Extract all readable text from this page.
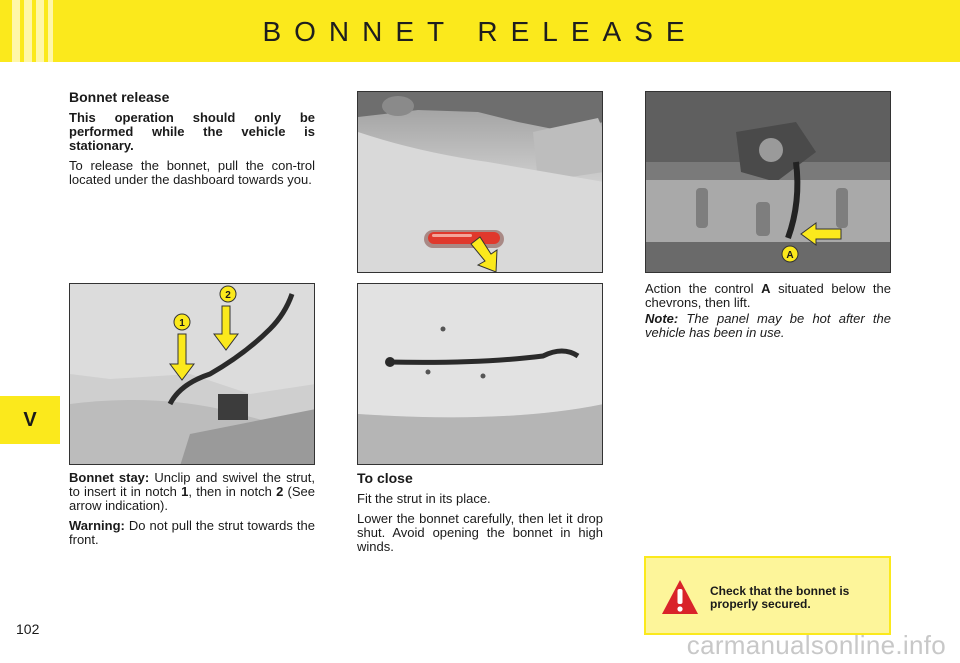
BONNET RELEASE
V

Bonnet release

This operation should only be performed while the vehicle is stationary.

To release the bonnet, pull the con-trol located under the dashboard towards you.

A
1
2

Bonnet stay: Unclip and swivel the strut, to insert it in notch 1, then in notch 2 (See arrow indication).

Warning: Do not pull the strut towards the front.

To close

Fit the strut in its place.

Lower the bonnet carefully, then let it drop shut. Avoid opening the bonnet in high winds.

Action the control A situated below the chevrons, then lift.

Note: The panel may be hot after the vehicle has been in use.

Check that the bonnet is properly secured.
102
carmanualsonline.info
